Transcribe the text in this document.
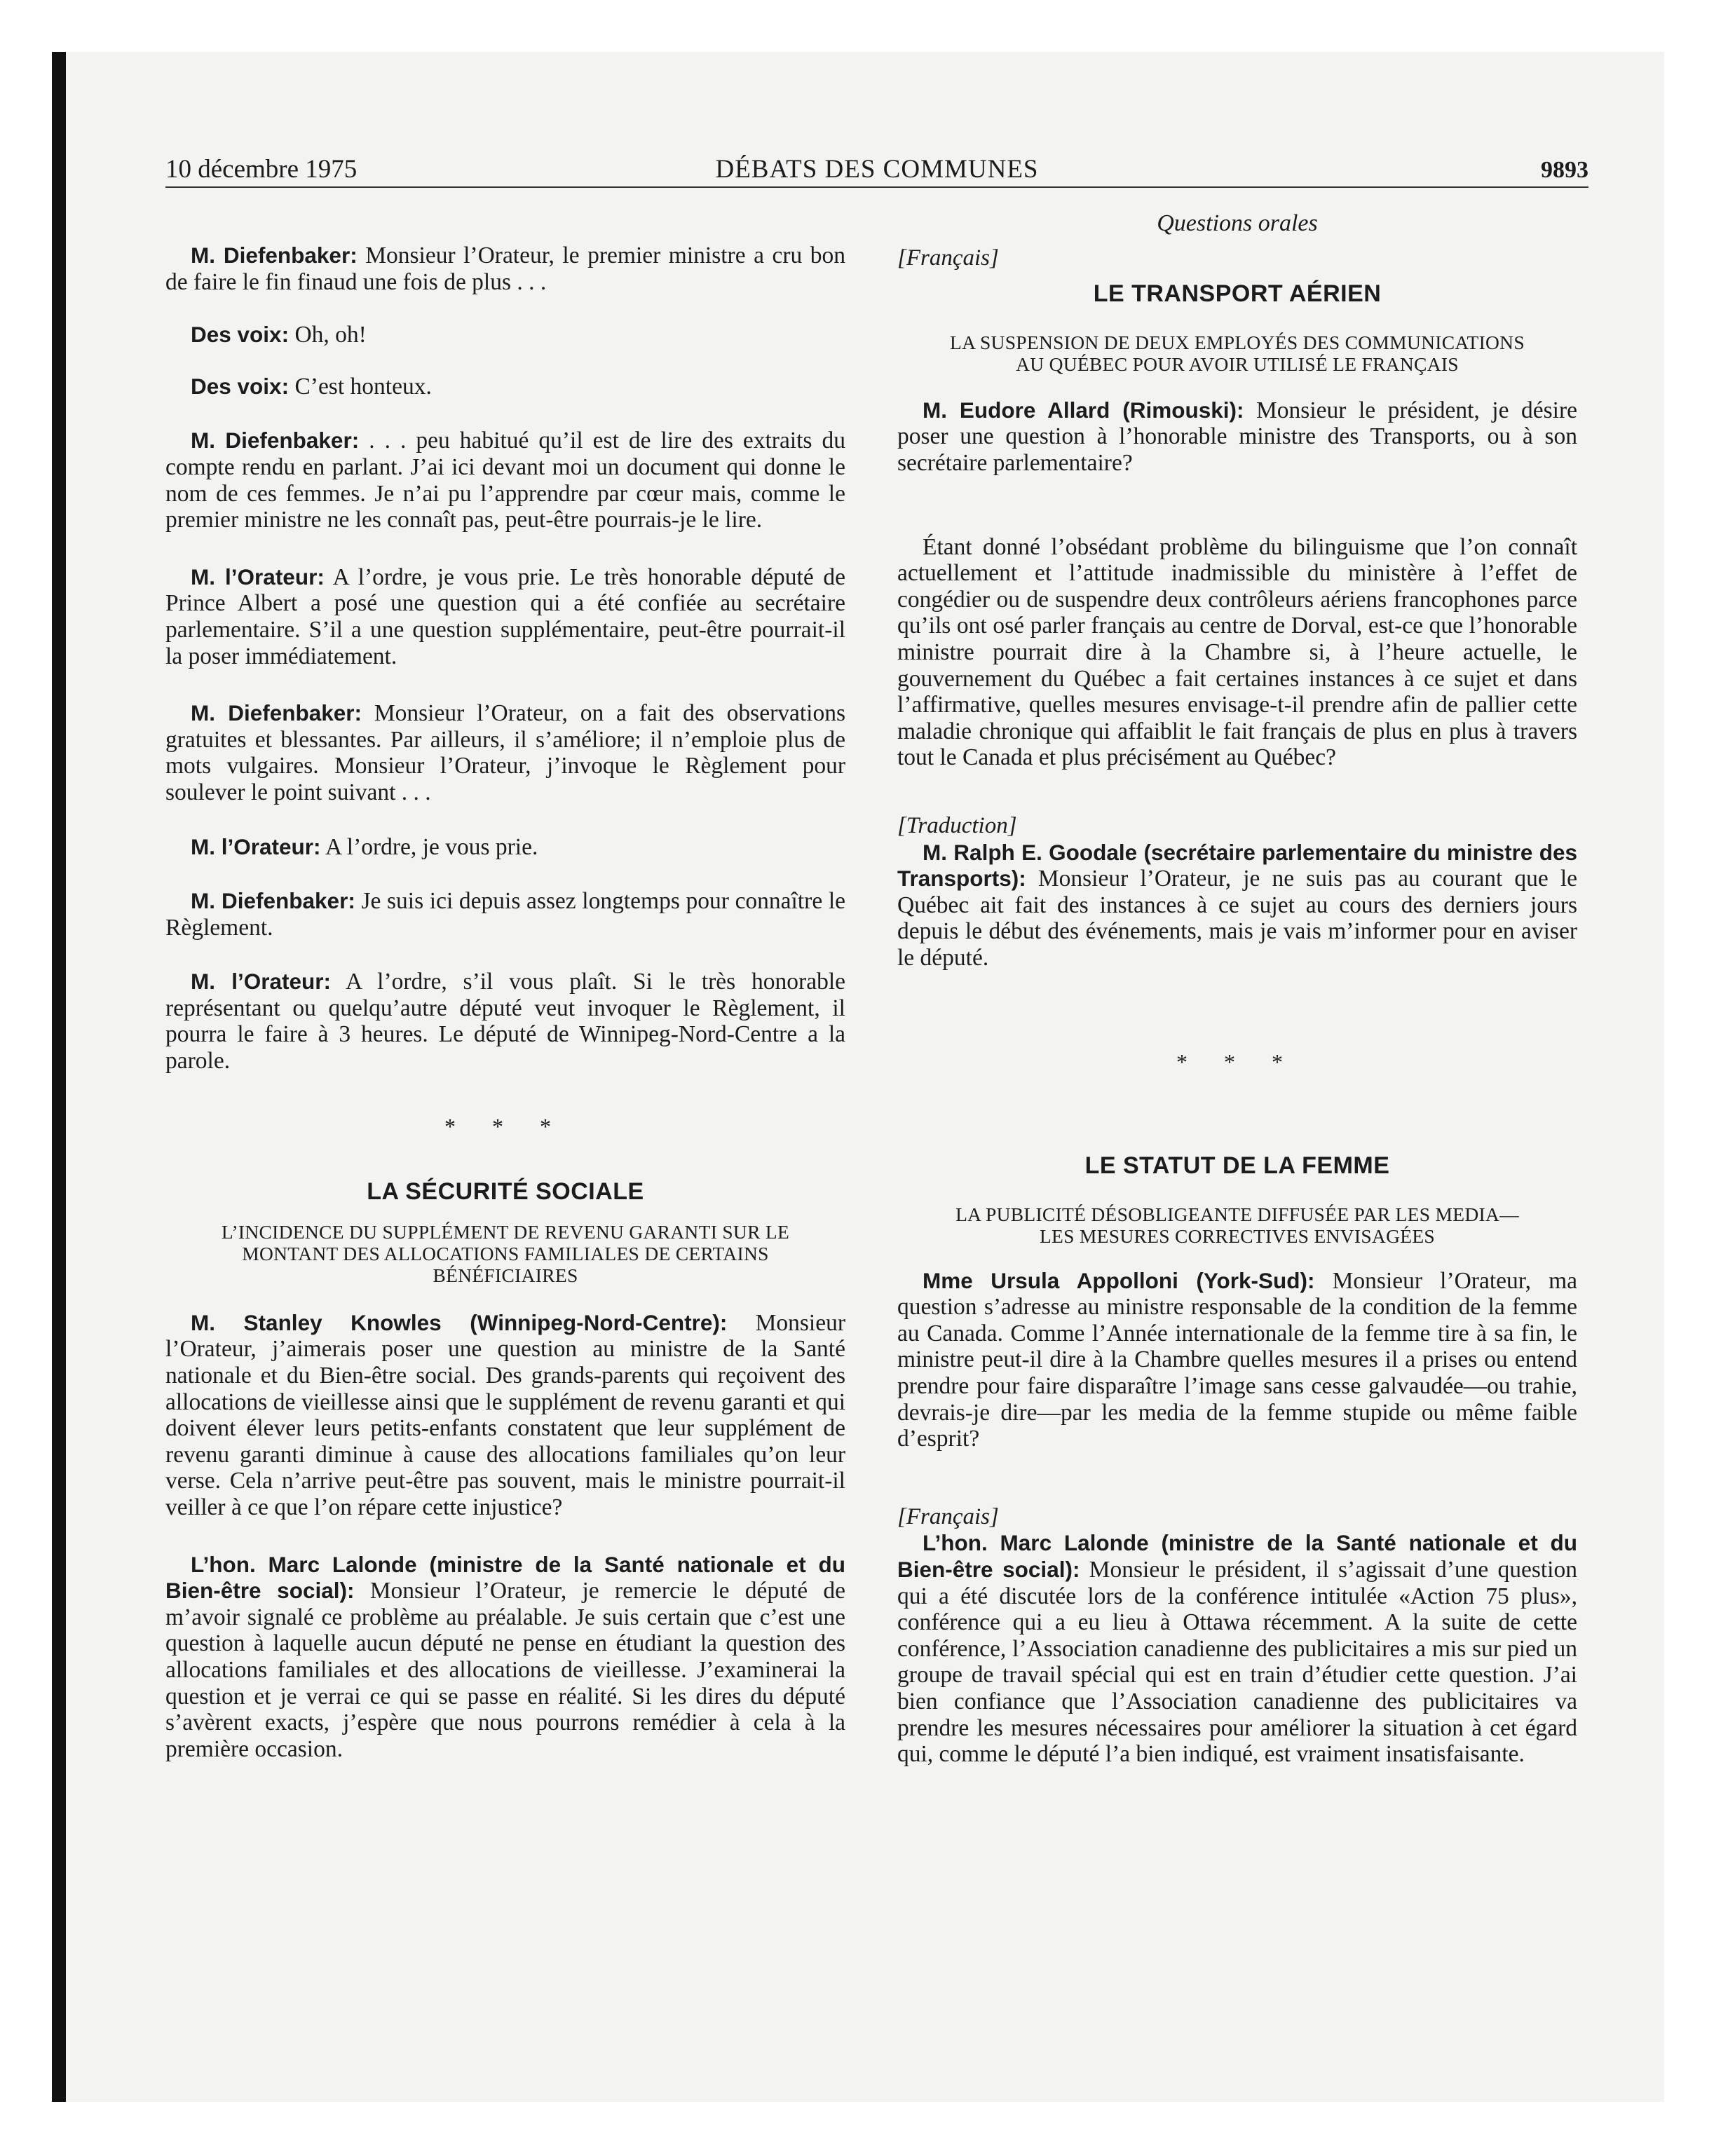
10 décembre 1975	DÉBATS DES COMMUNES	9893

M. Diefenbaker: Monsieur l’Orateur, le premier ministre a cru bon de faire le fin finaud une fois de plus . . .

Des voix: Oh, oh!

Des voix: C’est honteux.

M. Diefenbaker: . . . peu habitué qu’il est de lire des extraits du compte rendu en parlant. J’ai ici devant moi un document qui donne le nom de ces femmes. Je n’ai pu l’apprendre par cœur mais, comme le premier ministre ne les connaît pas, peut-être pourrais-je le lire.

M. l’Orateur: A l’ordre, je vous prie. Le très honorable député de Prince Albert a posé une question qui a été confiée au secrétaire parlementaire. S’il a une question supplémentaire, peut-être pourrait-il la poser immédiatement.

M. Diefenbaker: Monsieur l’Orateur, on a fait des observations gratuites et blessantes. Par ailleurs, il s’améliore; il n’emploie plus de mots vulgaires. Monsieur l’Orateur, j’invoque le Règlement pour soulever le point suivant . . .

M. l’Orateur: A l’ordre, je vous prie.

M. Diefenbaker: Je suis ici depuis assez longtemps pour connaître le Règlement.

M. l’Orateur: A l’ordre, s’il vous plaît. Si le très honorable représentant ou quelqu’autre député veut invoquer le Règlement, il pourra le faire à 3 heures. Le député de Winnipeg-Nord-Centre a la parole.

* * *

LA SÉCURITÉ SOCIALE

L’INCIDENCE DU SUPPLÉMENT DE REVENU GARANTI SUR LE
MONTANT DES ALLOCATIONS FAMILIALES DE CERTAINS
BÉNÉFICIAIRES

M. Stanley Knowles (Winnipeg-Nord-Centre): Monsieur l’Orateur, j’aimerais poser une question au ministre de la Santé nationale et du Bien-être social. Des grands-parents qui reçoivent des allocations de vieillesse ainsi que le supplément de revenu garanti et qui doivent élever leurs petits-enfants constatent que leur supplément de revenu garanti diminue à cause des allocations familiales qu’on leur verse. Cela n’arrive peut-être pas souvent, mais le ministre pourrait-il veiller à ce que l’on répare cette injustice?

L’hon. Marc Lalonde (ministre de la Santé nationale et du Bien-être social): Monsieur l’Orateur, je remercie le député de m’avoir signalé ce problème au préalable. Je suis certain que c’est une question à laquelle aucun député ne pense en étudiant la question des allocations familiales et des allocations de vieillesse. J’examinerai la question et je verrai ce qui se passe en réalité. Si les dires du député s’avèrent exacts, j’espère que nous pourrons remédier à cela à la première occasion.

Questions orales

[Français]

LE TRANSPORT AÉRIEN

LA SUSPENSION DE DEUX EMPLOYÉS DES COMMUNICATIONS
AU QUÉBEC POUR AVOIR UTILISÉ LE FRANÇAIS

M. Eudore Allard (Rimouski): Monsieur le président, je désire poser une question à l’honorable ministre des Transports, ou à son secrétaire parlementaire?

Étant donné l’obsédant problème du bilinguisme que l’on connaît actuellement et l’attitude inadmissible du ministère à l’effet de congédier ou de suspendre deux contrôleurs aériens francophones parce qu’ils ont osé parler français au centre de Dorval, est-ce que l’honorable ministre pourrait dire à la Chambre si, à l’heure actuelle, le gouvernement du Québec a fait certaines instances à ce sujet et dans l’affirmative, quelles mesures envisage-t-il prendre afin de pallier cette maladie chronique qui affaiblit le fait français de plus en plus à travers tout le Canada et plus précisément au Québec?

[Traduction]

M. Ralph E. Goodale (secrétaire parlementaire du ministre des Transports): Monsieur l’Orateur, je ne suis pas au courant que le Québec ait fait des instances à ce sujet au cours des derniers jours depuis le début des événements, mais je vais m’informer pour en aviser le député.

* * *

LE STATUT DE LA FEMME

LA PUBLICITÉ DÉSOBLIGEANTE DIFFUSÉE PAR LES MEDIA—
LES MESURES CORRECTIVES ENVISAGÉES

Mme Ursula Appolloni (York-Sud): Monsieur l’Orateur, ma question s’adresse au ministre responsable de la condition de la femme au Canada. Comme l’Année internationale de la femme tire à sa fin, le ministre peut-il dire à la Chambre quelles mesures il a prises ou entend prendre pour faire disparaître l’image sans cesse galvaudée—ou trahie, devrais-je dire—par les media de la femme stupide ou même faible d’esprit?

[Français]

L’hon. Marc Lalonde (ministre de la Santé nationale et du Bien-être social): Monsieur le président, il s’agissait d’une question qui a été discutée lors de la conférence intitulée «Action 75 plus», conférence qui a eu lieu à Ottawa récemment. A la suite de cette conférence, l’Association canadienne des publicitaires a mis sur pied un groupe de travail spécial qui est en train d’étudier cette question. J’ai bien confiance que l’Association canadienne des publicitaires va prendre les mesures nécessaires pour améliorer la situation à cet égard qui, comme le député l’a bien indiqué, est vraiment insatisfaisante.
